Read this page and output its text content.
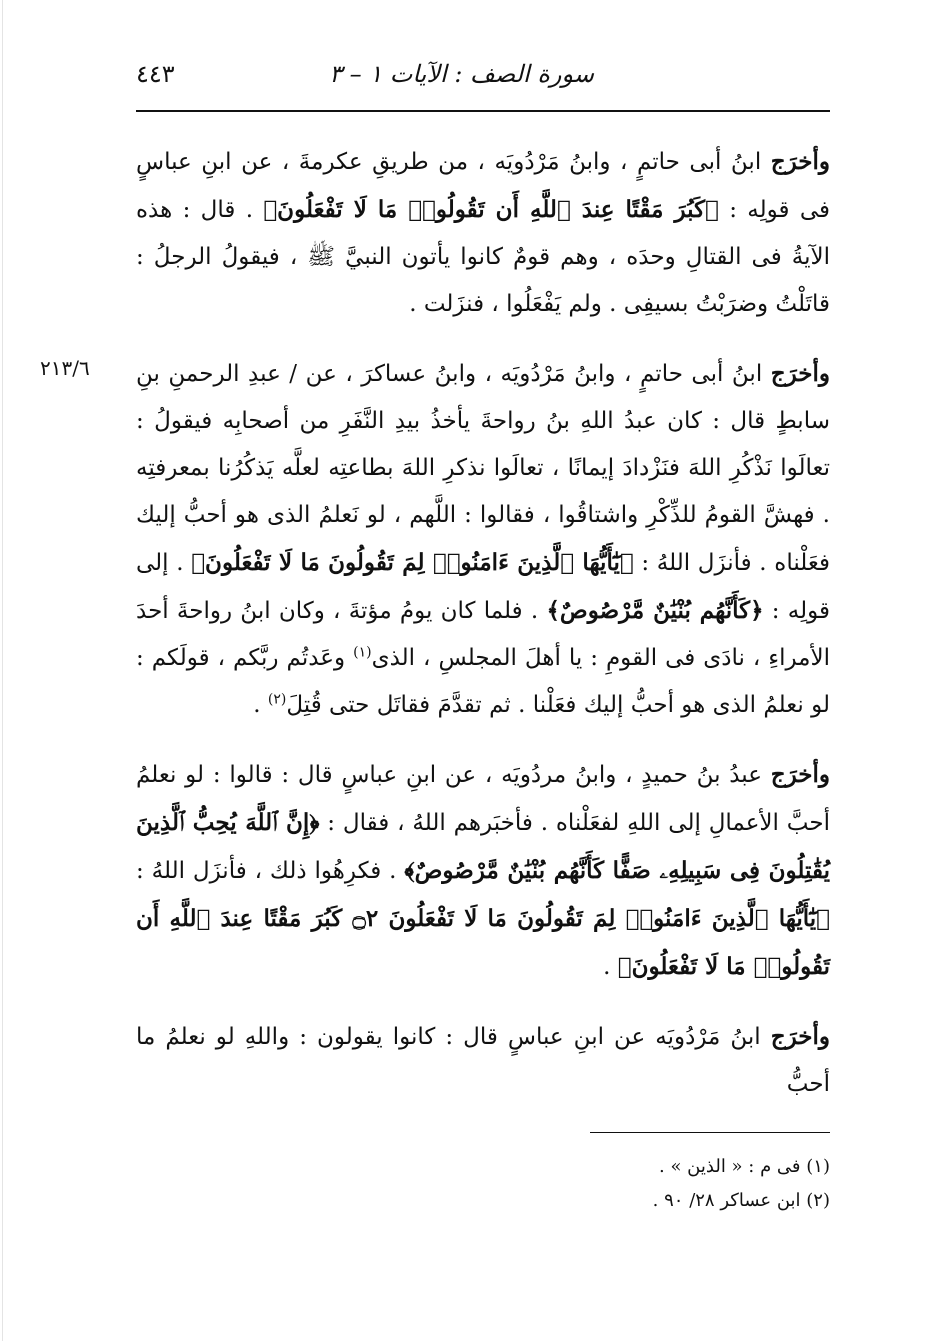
٤٤٣	سورة الصف : الآيات ١ – ٣

وأخرَج ابنُ أبى حاتمٍ ، وابنُ مَرْدُويَه ، من طريقِ عكرمةَ ، عن ابنِ عباسٍ فى قولِه : ﴿كَبُرَ مَقْتًا عِندَ ٱللَّهِ أَن تَقُولُوا۟ مَا لَا تَفْعَلُونَ﴾ . قال : هذه الآيةُ فى القتالِ وحدَه ، وهم قومٌ كانوا يأتون النبيَّ ﷺ ، فيقولُ الرجلُ : قاتَلْتُ وضرَبْتُ بسيفِى . ولم يَفْعَلُوا ، فنزَلت .

٢١٣/٦	وأخرَج ابنُ أبى حاتمٍ ، وابنُ مَرْدُويَه ، وابنُ عساكرَ ، عن / عبدِ الرحمنِ بنِ سابطٍ قال : كان عبدُ اللهِ بنُ رواحةَ يأخذُ بيدِ النَّفَرِ من أصحابِه فيقولُ : تعالَوا نَذْكُرِ اللهَ فنَزْدادَ إيمانًا ، تعالَوا نذكرِ اللهَ بطاعتِه لعلَّه يَذكُرُنا بمعرفتِه . فهشَّ القومُ للذِّكْرِ واشتاقُوا ، فقالوا : اللَّهم ، لو نَعلمُ الذى هو أحبُّ إليك فعَلْناه . فأنزَل اللهُ : ﴿يَٰٓأَيُّهَا ٱلَّذِينَ ءَامَنُوا۟ لِمَ تَقُولُونَ مَا لَا تَفْعَلُونَ﴾ . إلى قولِه : ﴿كَأَنَّهُم بُنْيَٰنٌ مَّرْصُوصٌ﴾ . فلما كان يومُ مؤتةَ ، وكان ابنُ رواحةَ أحدَ الأمراءِ ، نادَى فى القومِ : يا أهلَ المجلسِ ، الذى$^{(١)}$ وعَدتُم ربَّكم ، قولَكم : لو نعلمُ الذى هو أحبُّ إليك فعَلْنا . ثم تقدَّمَ فقاتَل حتى قُتِلَ$^{(٢)}$ .

وأخرَج عبدُ بنُ حميدٍ ، وابنُ مردُويَه ، عن ابنِ عباسٍ قال : قالوا : لو نعلمُ أحبَّ الأعمالِ إلى اللهِ لفعَلْناه . فأخبَرهم اللهُ ، فقال : ﴿إِنَّ ٱللَّهَ يُحِبُّ ٱلَّذِينَ يُقَٰتِلُونَ فِى سَبِيلِهِۦ صَفًّا كَأَنَّهُم بُنْيَٰنٌ مَّرْصُوصٌ﴾ . فكرِهُوا ذلك ، فأنزَل اللهُ : ﴿يَٰٓأَيُّهَا ٱلَّذِينَ ءَامَنُوا۟ لِمَ تَقُولُونَ مَا لَا تَفْعَلُونَ ۝٢ كَبُرَ مَقْتًا عِندَ ٱللَّهِ أَن تَقُولُوا۟ مَا لَا تَفْعَلُونَ﴾ .

وأخرَج ابنُ مَرْدُويَه عن ابنِ عباسٍ قال : كانوا يقولون : واللهِ لو نعلمُ ما أحبُّ

(١) فى م : « الذين » .

(٢) ابن عساكر ٢٨/ ٩٠ .
